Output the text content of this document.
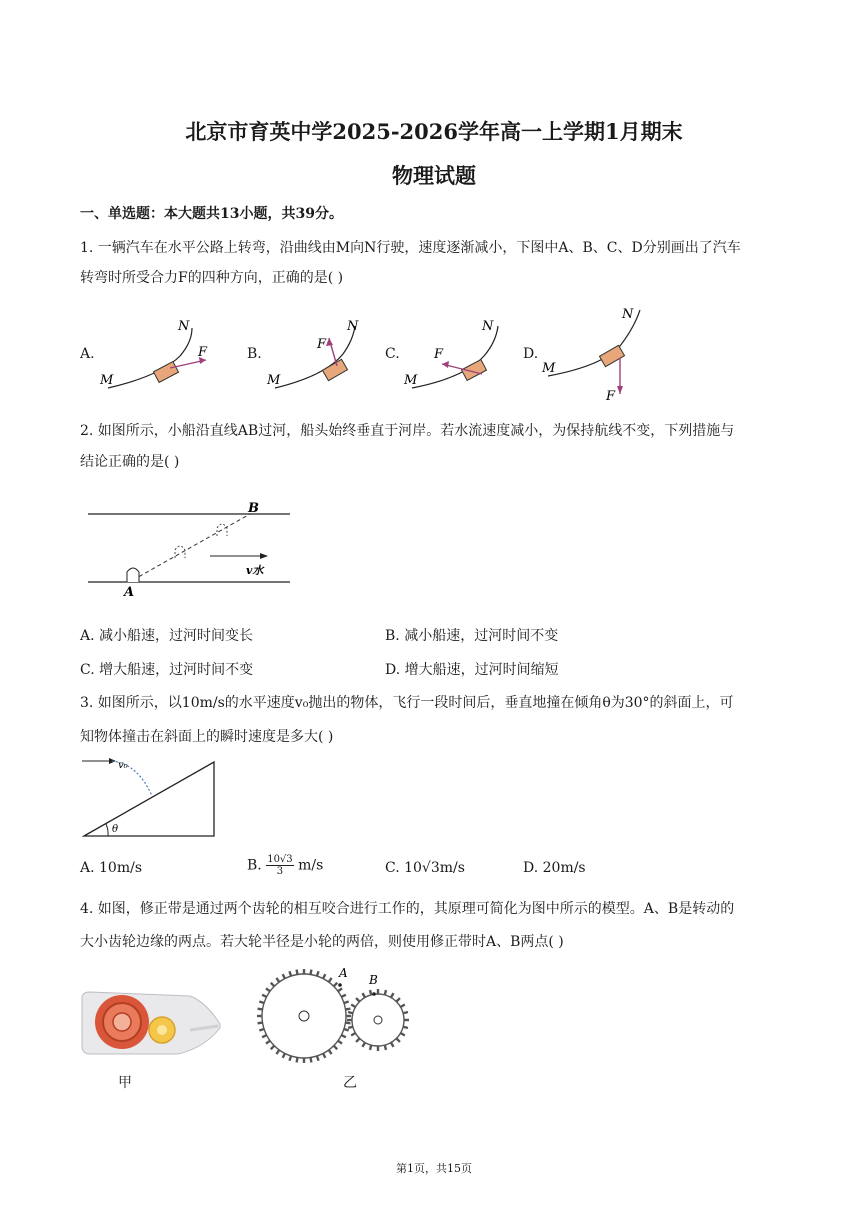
北京市育英中学2025-2026学年高一上学期1月期末
物理试题
一、单选题：本大题共13小题，共39分。
1. 一辆汽车在水平公路上转弯，沿曲线由M向N行驶，速度逐渐减小，下图中A、B、C、D分别画出了汽车
转弯时所受合力F的四种方向，正确的是( )
A.	B.	C.	D.
M
N
F
M
N
F
M
N
F
M
N
F
2. 如图所示，小船沿直线AB过河，船头始终垂直于河岸。若水流速度减小，为保持航线不变，下列措施与
结论正确的是( )
A
B
v水
A. 减小船速，过河时间变长	B. 减小船速，过河时间不变
C. 增大船速，过河时间不变	D. 增大船速，过河时间缩短
3. 如图所示，以10m/s的水平速度v₀抛出的物体，飞行一段时间后，垂直地撞在倾角θ为30°的斜面上，可
知物体撞击在斜面上的瞬时速度是多大( )
v₀
θ
A. 10m/s	B. $\frac{10√3}{3} m/s$	C. 10√3m/s	D. 20m/s
4. 如图，修正带是通过两个齿轮的相互咬合进行工作的，其原理可简化为图中所示的模型。A、B是转动的
大小齿轮边缘的两点。若大轮半径是小轮的两倍，则使用修正带时A、B两点( )
甲
A B
乙
第1页，共15页
